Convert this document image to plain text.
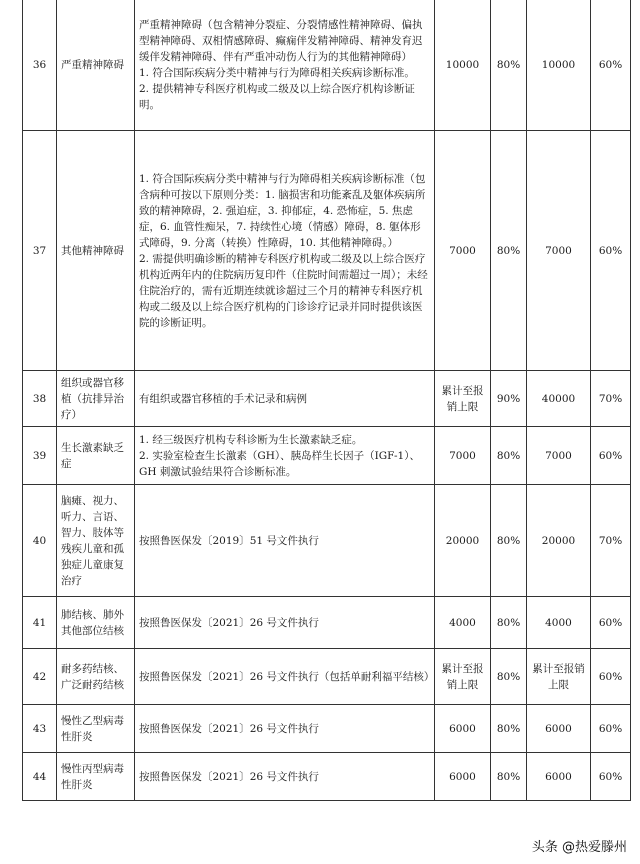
36	严重精神障碍	严重精神障碍（包含精神分裂症、分裂情感性精神障碍、偏执型精神障碍、双相情感障碍、癫痫伴发精神障碍、精神发育迟缓伴发精神障碍、伴有严重冲动伤人行为的其他精神障碍）
1. 符合国际疾病分类中精神与行为障碍相关疾病诊断标准。
2. 提供精神专科医疗机构或二级及以上综合医疗机构诊断证明。	10000	80%	10000	60%
37	其他精神障碍	1. 符合国际疾病分类中精神与行为障碍相关疾病诊断标准（包含病种可按以下原则分类：1. 脑损害和功能紊乱及躯体疾病所致的精神障碍，2. 强迫症，3. 抑郁症，4. 恐怖症，5. 焦虑症，6. 血管性痴呆，7. 持续性心境（情感）障碍，8. 躯体形式障碍，9. 分离（转换）性障碍，10. 其他精神障碍。）
2. 需提供明确诊断的精神专科医疗机构或二级及以上综合医疗机构近两年内的住院病历复印件（住院时间需超过一周）；未经住院治疗的，需有近期连续就诊超过三个月的精神专科医疗机构或二级及以上综合医疗机构的门诊诊疗记录并同时提供该医院的诊断证明。	7000	80%	7000	60%
38	组织或器官移植（抗排异治疗）	有组织或器官移植的手术记录和病例	累计至报销上限	90%	40000	70%
39	生长激素缺乏症	1. 经三级医疗机构专科诊断为生长激素缺乏症。
2. 实验室检查生长激素（GH）、胰岛样生长因子（IGF-1）、GH 刺激试验结果符合诊断标准。	7000	80%	7000	60%
40	脑瘫、视力、听力、言语、智力、肢体等残疾儿童和孤独症儿童康复治疗	按照鲁医保发〔2019〕51 号文件执行	20000	80%	20000	70%
41	肺结核、肺外其他部位结核	按照鲁医保发〔2021〕26 号文件执行	4000	80%	4000	60%
42	耐多药结核、广泛耐药结核	按照鲁医保发〔2021〕26 号文件执行（包括单耐利福平结核）	累计至报销上限	80%	累计至报销上限	60%
43	慢性乙型病毒性肝炎	按照鲁医保发〔2021〕26 号文件执行	6000	80%	6000	60%
44	慢性丙型病毒性肝炎	按照鲁医保发〔2021〕26 号文件执行	6000	80%	6000	60%
头条 @热爱滕州
